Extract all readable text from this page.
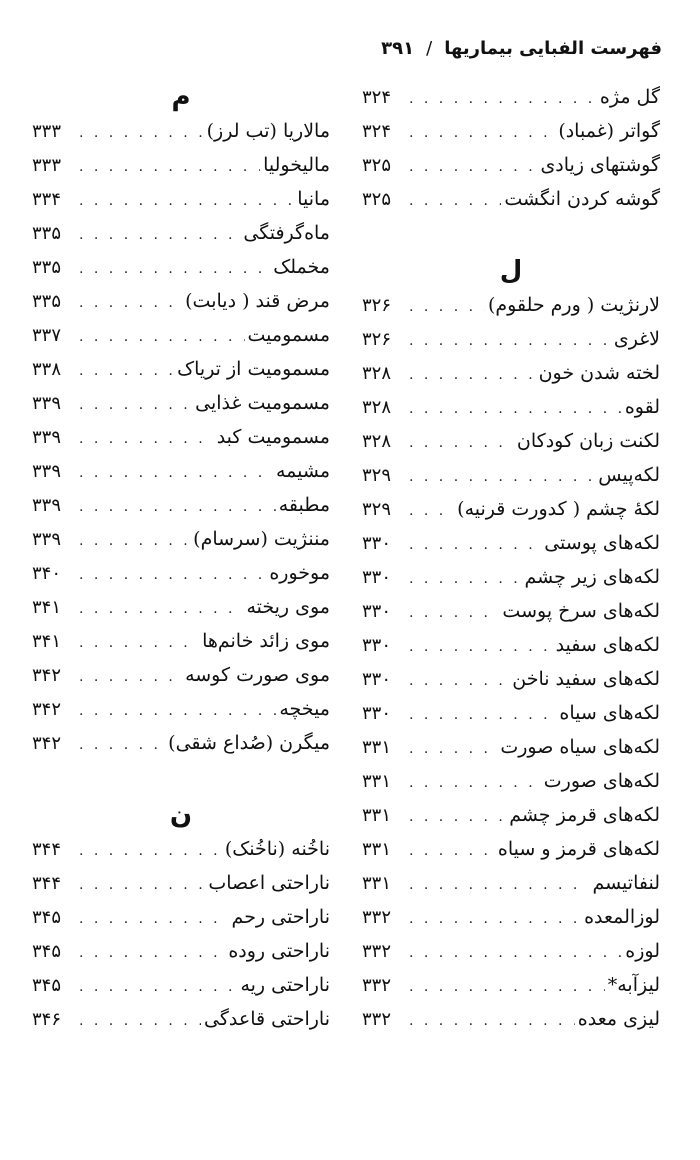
فهرست الفبایی بیماریها
/
۳۹۱
گل مژه
. . .
۳۲۴
گواتر (غمباد)
. . .
۳۲۴
گوشتهای زیادی
. . .
۳۲۵
گوشه کردن انگشت
. . .
۳۲۵
ل
لارنژیت ( ورم حلقوم)
. . .
۳۲۶
لاغری
. . .
۳۲۶
لخته شدن خون
. . .
۳۲۸
لقوه
. . .
۳۲۸
لکنت زبان کودکان
. . .
۳۲۸
لکه‌پیس
. . .
۳۲۹
لکهٔ چشم ( کدورت قرنیه)
. . .
۳۲۹
لکه‌های پوستی
. . .
۳۳۰
لکه‌های زیر چشم
. . .
۳۳۰
لکه‌های سرخ پوست
. . .
۳۳۰
لکه‌های سفید
. . .
۳۳۰
لکه‌های سفید ناخن
. . .
۳۳۰
لکه‌های سیاه
. . .
۳۳۰
لکه‌های سیاه صورت
. . .
۳۳۱
لکه‌های صورت
. . .
۳۳۱
لکه‌های قرمز چشم
. . .
۳۳۱
لکه‌های قرمز و سیاه
. . .
۳۳۱
لنفاتیسم
. . .
۳۳۱
لوزالمعده
. . .
۳۳۲
لوزه
. . .
۳۳۲
لیزآبه*
. . .
۳۳۲
لیزی معده
. . .
۳۳۲
م
مالاریا (تب لرز)
. . .
۳۳۳
مالیخولیا
. . .
۳۳۳
مانیا
. . .
۳۳۴
ماه‌گرفتگی
. . .
۳۳۵
مخملک
. . .
۳۳۵
مرض قند ( دیابت)
. . .
۳۳۵
مسمومیت
. . .
۳۳۷
مسمومیت از تریاک
. . .
۳۳۸
مسمومیت غذایی
. . .
۳۳۹
مسمومیت کبد
. . .
۳۳۹
مشیمه
. . .
۳۳۹
مطبقه
. . .
۳۳۹
مننژیت (سرسام)
. . .
۳۳۹
موخوره
. . .
۳۴۰
موی ریخته
. . .
۳۴۱
موی زائد خانم‌ها
. . .
۳۴۱
موی صورت کوسه
. . .
۳۴۲
میخچه
. . .
۳۴۲
میگرن (صُداع شقی)
. . .
۳۴۲
ن
ناخُنه (ناخُنک)
. . .
۳۴۴
ناراحتی اعصاب
. . .
۳۴۴
ناراحتی رحم
. . .
۳۴۵
ناراحتی روده
. . .
۳۴۵
ناراحتی ریه
. . .
۳۴۵
ناراحتی قاعدگی
. . .
۳۴۶
